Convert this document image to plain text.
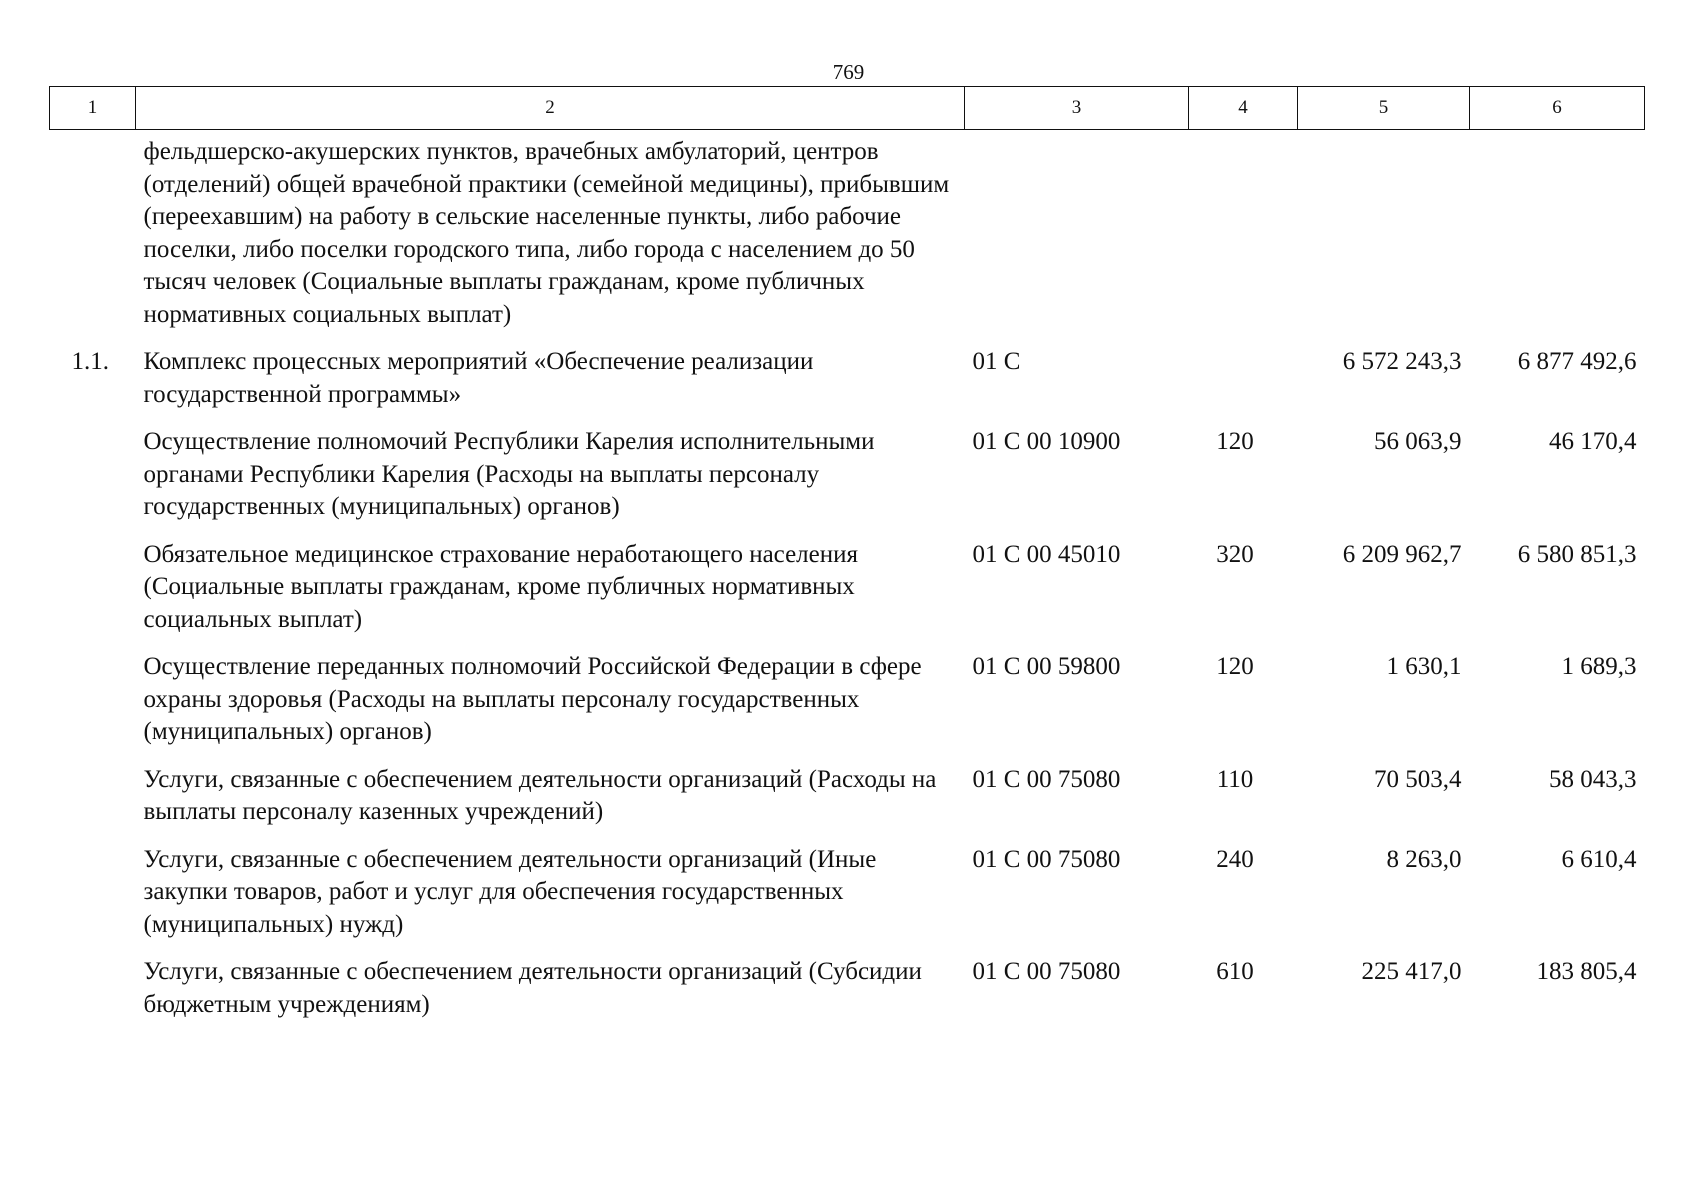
769
1	2	3	4	5	6
	фельдшерско-акушерских пунктов, врачебных амбулаторий, центров (отделений) общей врачебной практики (семейной медицины), прибывшим (переехавшим) на работу в сельские населенные пункты, либо рабочие поселки, либо поселки городского типа, либо города с населением до 50 тысяч человек (Социальные выплаты гражданам, кроме публичных нормативных социальных выплат)				
1.1.	Комплекс процессных мероприятий «Обеспечение реализации государственной программы»	01 С		6 572 243,3	6 877 492,6
	Осуществление полномочий Республики Карелия исполнительными органами Республики Карелия (Расходы на выплаты персоналу государственных (муниципальных) органов)	01 С 00 10900	120	56 063,9	46 170,4
	Обязательное медицинское страхование неработающего населения (Социальные выплаты гражданам, кроме публичных нормативных социальных выплат)	01 С 00 45010	320	6 209 962,7	6 580 851,3
	Осуществление переданных полномочий Российской Федерации в сфере охраны здоровья (Расходы на выплаты персоналу государственных (муниципальных) органов)	01 С 00 59800	120	1 630,1	1 689,3
	Услуги, связанные с обеспечением деятельности организаций (Расходы на выплаты персоналу казенных учреждений)	01 С 00 75080	110	70 503,4	58 043,3
	Услуги, связанные с обеспечением деятельности организаций (Иные закупки товаров, работ и услуг для обеспечения государственных (муниципальных) нужд)	01 С 00 75080	240	8 263,0	6 610,4
	Услуги, связанные с обеспечением деятельности организаций (Субсидии бюджетным учреждениям)	01 С 00 75080	610	225 417,0	183 805,4
